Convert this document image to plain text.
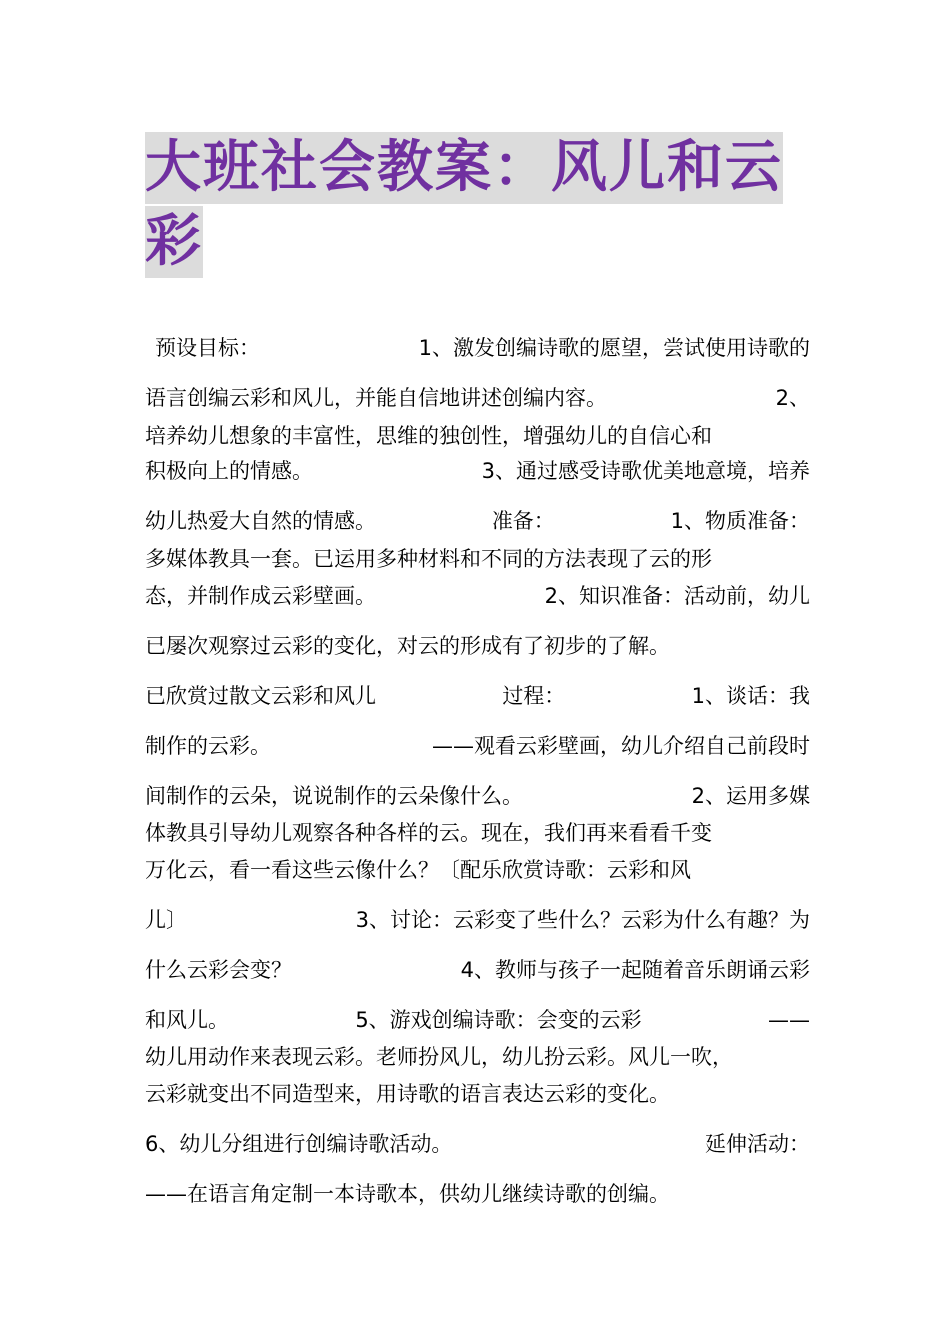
大班社会教案：风儿和云
彩
预设目标：	1、激发创编诗歌的愿望，尝试使用诗歌的
语言创编云彩和风儿，并能自信地讲述创编内容。	2、
培养幼儿想象的丰富性，思维的独创性，增强幼儿的自信心和
积极向上的情感。	3、通过感受诗歌优美地意境，培养
幼儿热爱大自然的情感。	准备：	1、物质准备：
多媒体教具一套。已运用多种材料和不同的方法表现了云的形
态，并制作成云彩壁画。	2、知识准备：活动前，幼儿
已屡次观察过云彩的变化，对云的形成有了初步的了解。
已欣赏过散文云彩和风儿	过程：	1、谈话：我
制作的云彩。	——观看云彩壁画，幼儿介绍自己前段时
间制作的云朵，说说制作的云朵像什么。	2、运用多媒
体教具引导幼儿观察各种各样的云。现在，我们再来看看千变
万化云，看一看这些云像什么？〔配乐欣赏诗歌：云彩和风
儿〕	3、讨论：云彩变了些什么？云彩为什么有趣？为
什么云彩会变？	4、教师与孩子一起随着音乐朗诵云彩
和风儿。	5、游戏创编诗歌：会变的云彩	——
幼儿用动作来表现云彩。老师扮风儿，幼儿扮云彩。风儿一吹，
云彩就变出不同造型来，用诗歌的语言表达云彩的变化。
6、幼儿分组进行创编诗歌活动。	延伸活动：
——在语言角定制一本诗歌本，供幼儿继续诗歌的创编。
